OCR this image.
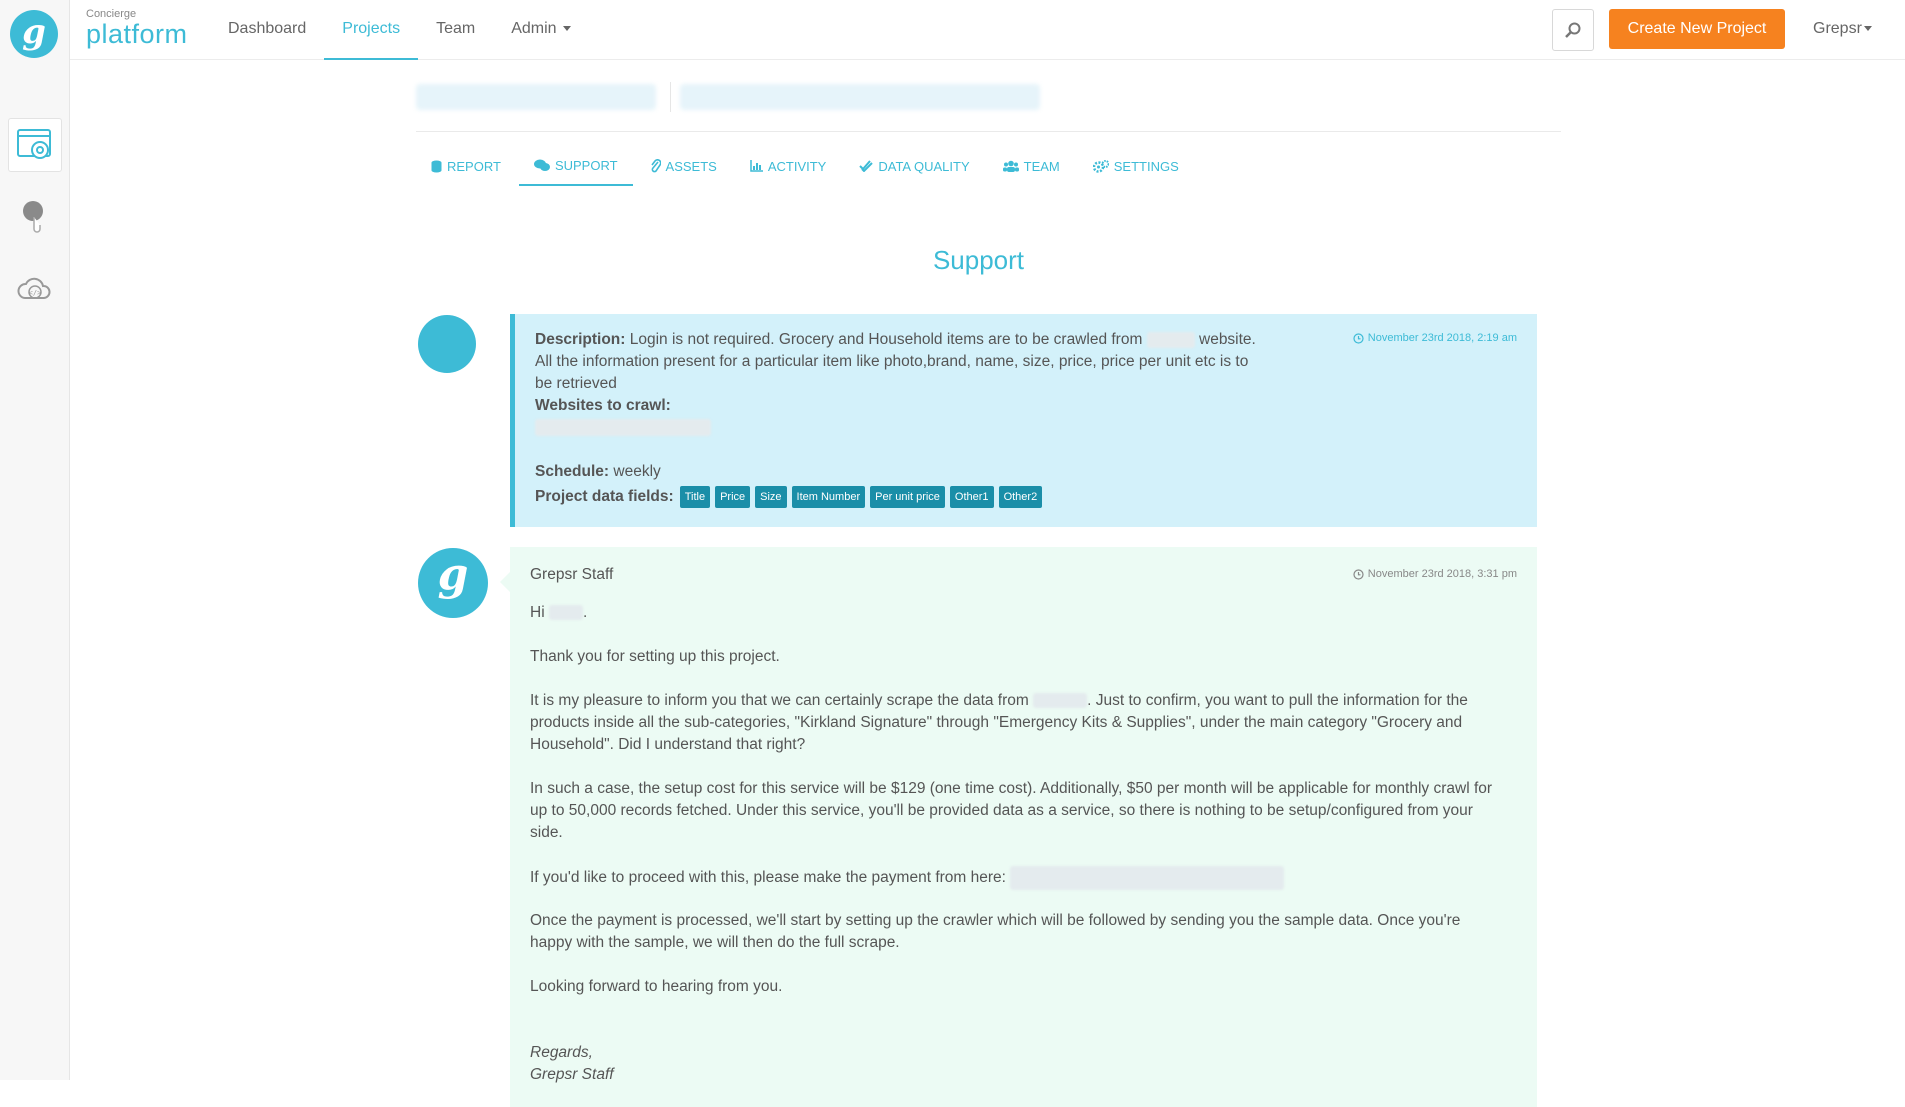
g
</>
Concierge
platform	Dashboard	Projects	Team	Admin	Create New Project	Grepsr
REPORT	SUPPORT	ASSETS	ACTIVITY	DATA QUALITY	TEAM	SETTINGS
Support
Description: Login is not required. Grocery and Household items are to be crawled from	website.
All the information present for a particular item like photo,brand, name, size, price, price per unit etc is to
be retrieved
Websites to crawl:

Schedule: weekly
Project data fields:	Title	Price	Size	Item Number	Per unit price	Other1	Other2
November 23rd 2018, 2:19 am
g	Grepsr Staff	November 23rd 2018, 3:31 pm
Hi .
Thank you for setting up this project.
It is my pleasure to inform you that we can certainly scrape the data from	. Just to confirm, you want to pull the information for the
products inside all the sub-categories, "Kirkland Signature" through "Emergency Kits & Supplies", under the main category "Grocery and
Household". Did I understand that right?
In such a case, the setup cost for this service will be $129 (one time cost). Additionally, $50 per month will be applicable for monthly crawl for
up to 50,000 records fetched. Under this service, you'll be provided data as a service, so there is nothing to be setup/configured from your
side.
If you'd like to proceed with this, please make the payment from here:
Once the payment is processed, we'll start by setting up the crawler which will be followed by sending you the sample data. Once you're
happy with the sample, we will then do the full scrape.
Looking forward to hearing from you.
Regards,
Grepsr Staff
